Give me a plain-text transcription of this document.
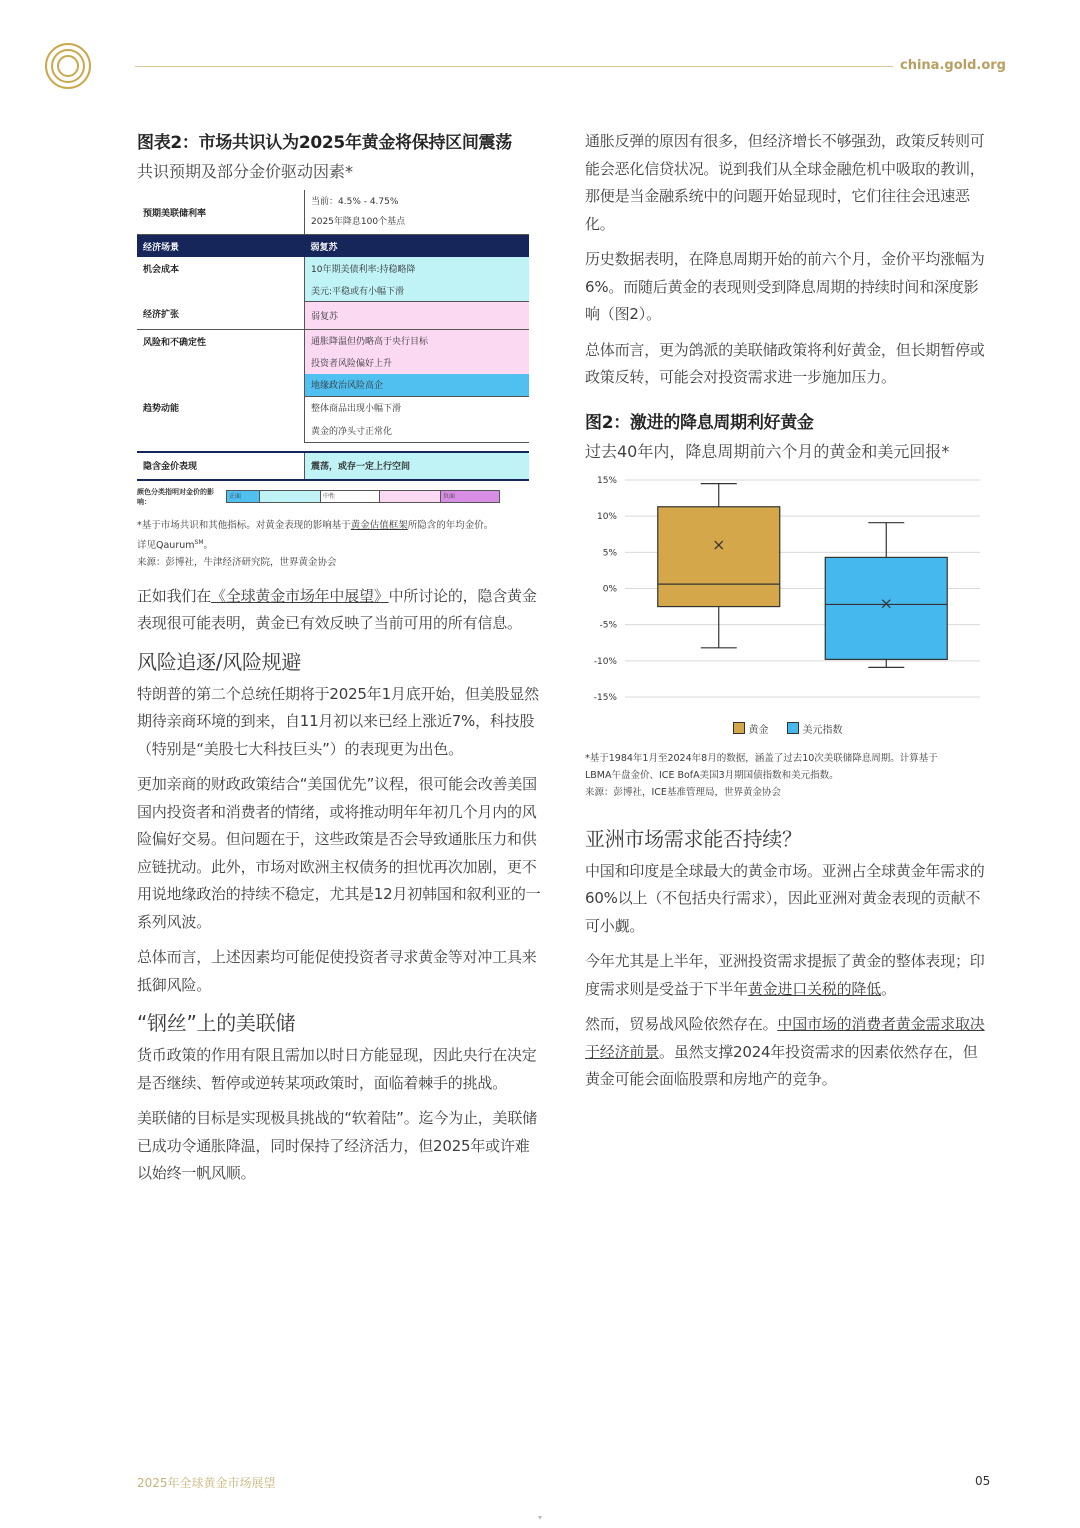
china.gold.org
图表2：市场共识认为2025年黄金将保持区间震荡
共识预期及部分金价驱动因素*
预期美联储利率	当前：4.5% - 4.75%
2025年降息100个基点

经济场景	弱复苏
机会成本	10年期美债利率:持稳略降
	美元:平稳或有小幅下滑
经济扩张	弱复苏
风险和不确定性	通胀降温但仍略高于央行目标
	投资者风险偏好上升
	地缘政治风险高企
趋势动能	整体商品出现小幅下滑
	黄金的净头寸正常化

隐含金价表现	震荡，或存一定上行空间
颜色分类指明对金价的影响：
正面	中性	负面
*基于市场共识和其他指标。对黄金表现的影响基于黄金估值框架所隐含的年均金价。
详见Qaurum℠。
来源：彭博社，牛津经济研究院，世界黄金协会

正如我们在《全球黄金市场年中展望》中所讨论的，隐含黄金表现很可能表明，黄金已有效反映了当前可用的所有信息。

风险追逐/风险规避

特朗普的第二个总统任期将于2025年1月底开始，但美股显然期待亲商环境的到来，自11月初以来已经上涨近7%，科技股（特别是“美股七大科技巨头”）的表现更为出色。

更加亲商的财政政策结合“美国优先”议程，很可能会改善美国国内投资者和消费者的情绪，或将推动明年年初几个月内的风险偏好交易。但问题在于，这些政策是否会导致通胀压力和供应链扰动。此外，市场对欧洲主权债务的担忧再次加剧，更不用说地缘政治的持续不稳定，尤其是12月初韩国和叙利亚的一系列风波。

总体而言，上述因素均可能促使投资者寻求黄金等对冲工具来抵御风险。

“钢丝”上的美联储

货币政策的作用有限且需加以时日方能显现，因此央行在决定是否继续、暂停或逆转某项政策时，面临着棘手的挑战。

美联储的目标是实现极具挑战的“软着陆”。迄今为止，美联储已成功令通胀降温，同时保持了经济活力，但2025年或许难以始终一帆风顺。

通胀反弹的原因有很多，但经济增长不够强劲，政策反转则可能会恶化信贷状况。说到我们从全球金融危机中吸取的教训，那便是当金融系统中的问题开始显现时，它们往往会迅速恶化。

历史数据表明，在降息周期开始的前六个月，金价平均涨幅为6%。而随后黄金的表现则受到降息周期的持续时间和深度影响（图2）。

总体而言，更为鸽派的美联储政策将利好黄金，但长期暂停或政策反转，可能会对投资需求进一步施加压力。

图2：激进的降息周期利好黄金
过去40年内，降息周期前六个月的黄金和美元回报*
15%
10%
5%
0%
-5%
-10%
-15%
黄金	美元指数
*基于1984年1月至2024年8月的数据，涵盖了过去10次美联储降息周期。计算基于
LBMA午盘金价、ICE BofA美国3月期国债指数和美元指数。
来源：彭博社，ICE基准管理局，世界黄金协会
亚洲市场需求能否持续？

中国和印度是全球最大的黄金市场。亚洲占全球黄金年需求的60%以上（不包括央行需求），因此亚洲对黄金表现的贡献不可小觑。

今年尤其是上半年，亚洲投资需求提振了黄金的整体表现；印度需求则是受益于下半年黄金进口关税的降低。

然而，贸易战风险依然存在。中国市场的消费者黄金需求取决于经济前景。虽然支撑2024年投资需求的因素依然存在，但黄金可能会面临股票和房地产的竞争。

2025年全球黄金市场展望	05
▾
